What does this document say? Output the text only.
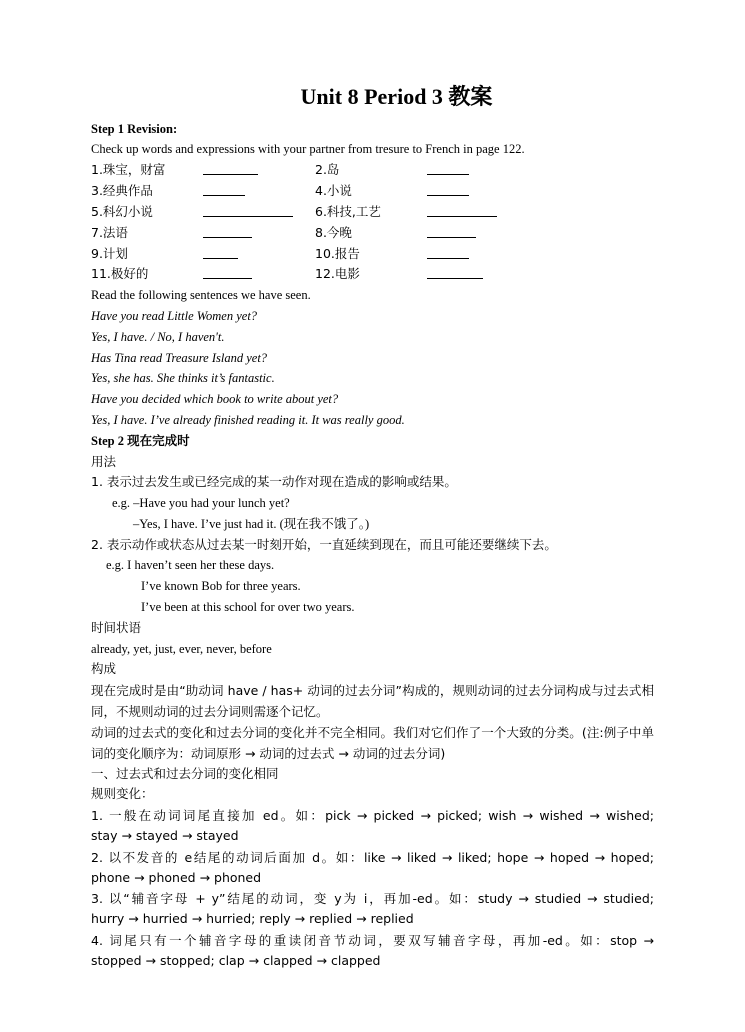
Unit 8 Period 3 教案
Step 1 Revision:
Check up words and expressions with your partner from tresure to French in page 122.
1.珠宝，财富	2.岛
3.经典作品	4.小说
5.科幻小说	6.科技,工艺
7.法语	8.今晚
9.计划	10.报告
11.极好的	12.电影
Read the following sentences we have seen.
Have you read Little Women yet?
Yes, I have. / No, I haven't.
Has Tina read Treasure Island yet?
Yes, she has. She thinks it’s fantastic.
Have you decided which book to write about yet?
Yes, I have. I’ve already finished reading it. It was really good.
Step 2 现在完成时
用法
1. 表示过去发生或已经完成的某一动作对现在造成的影响或结果。
e.g. –Have you had your lunch yet?
–Yes, I have. I’ve just had it. (现在我不饿了。)
2. 表示动作或状态从过去某一时刻开始，一直延续到现在，而且可能还要继续下去。
e.g. I haven’t seen her these days.
I’ve known Bob for three years.
I’ve been at this school for over two years.
时间状语
already, yet, just, ever, never, before
构成
现在完成时是由“助动词 have / has+ 动词的过去分词”构成的，规则动词的过去分词构成与过去式相同，不规则动词的过去分词则需逐个记忆。
动词的过去式的变化和过去分词的变化并不完全相同。我们对它们作了一个大致的分类。(注:例子中单词的变化顺序为：动词原形 → 动词的过去式 → 动词的过去分词)
一、过去式和过去分词的变化相同
规则变化：
1. 一般在动词词尾直接加 ed。如：pick → picked → picked; wish → wished → wished;
stay → stayed → stayed
2. 以不发音的 e结尾的动词后面加 d。如：like → liked → liked; hope → hoped → hoped;
phone → phoned → phoned
3. 以“辅音字母 + y”结尾的动词，变 y为 i，再加-ed。如：study → studied → studied;
hurry → hurried → hurried; reply → replied → replied
4. 词尾只有一个辅音字母的重读闭音节动词，要双写辅音字母，再加-ed。如：stop →
stopped → stopped; clap → clapped → clapped
